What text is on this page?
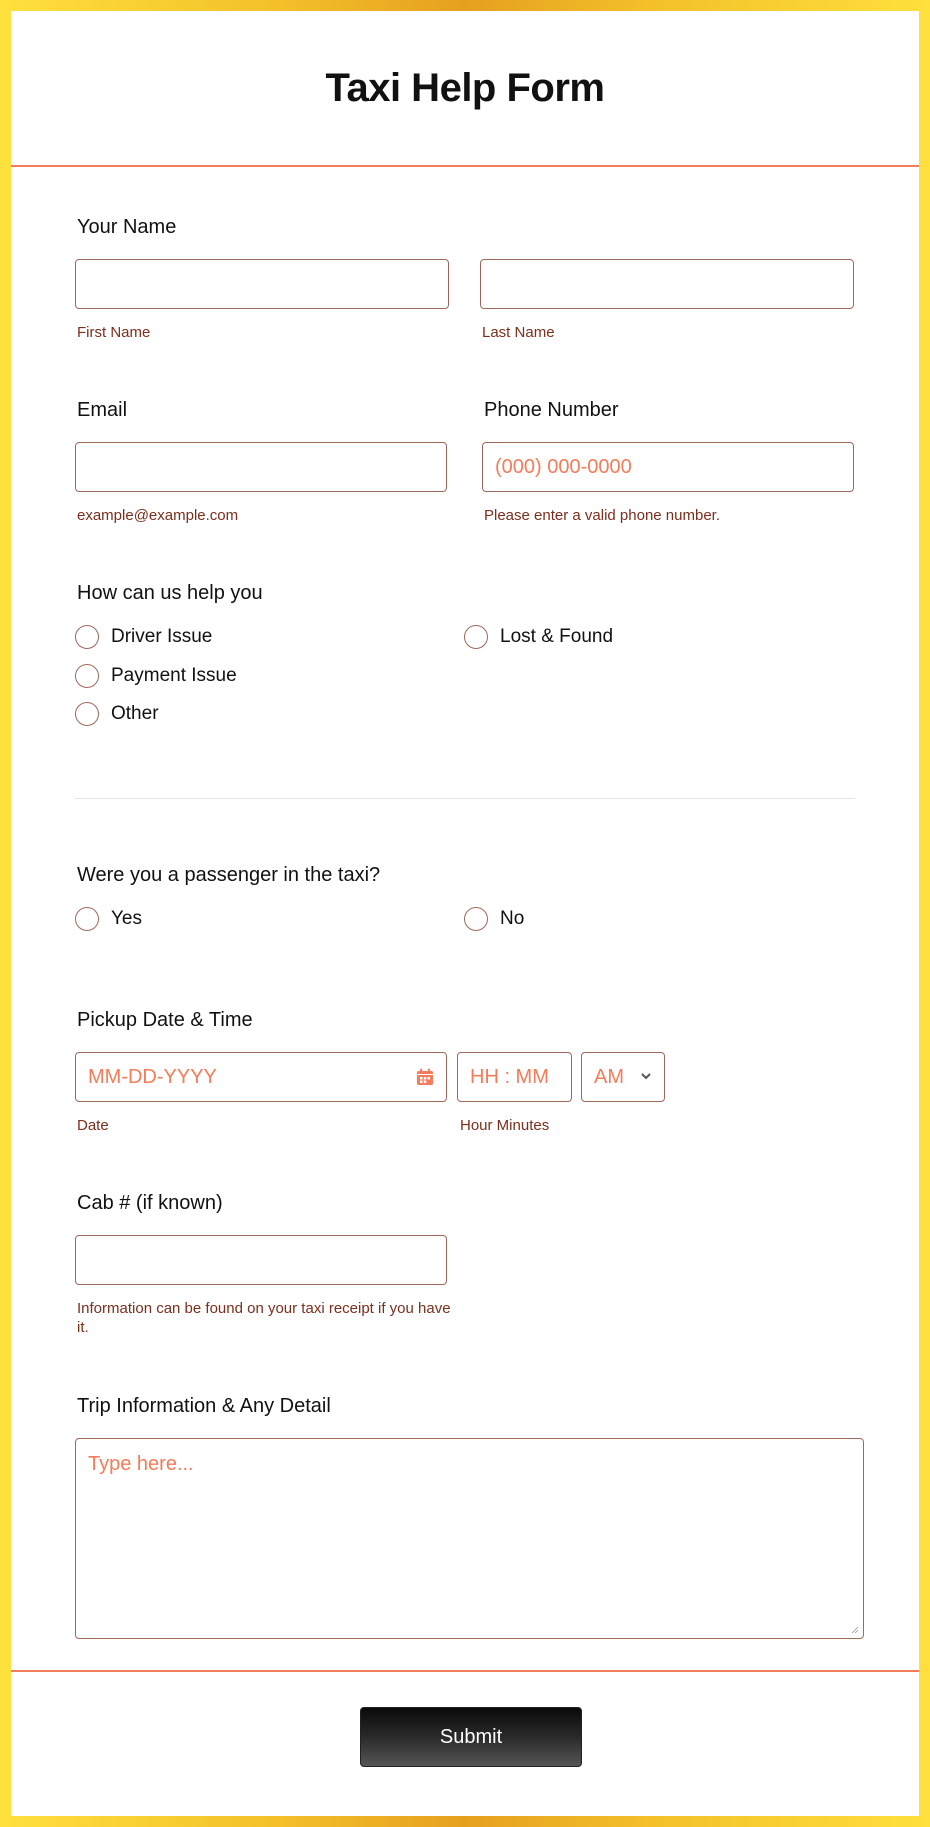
Taxi Help Form
Your Name
First Name	Last Name
Email	Phone Number
(000) 000-0000
example@example.com	Please enter a valid phone number.
How can us help you
Driver Issue	Lost & Found
Payment Issue
Other
Were you a passenger in the taxi?
Yes	No
Pickup Date & Time
MM-DD-YYYY	HH : MM AM
Date	Hour Minutes
Cab # (if known)
Information can be found on your taxi receipt if you have it.
Trip Information & Any Detail
Type here...
Submit
